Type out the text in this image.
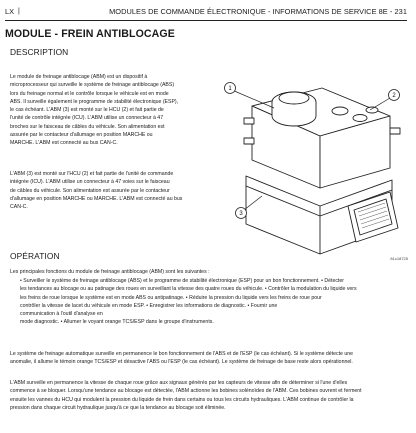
LX |	MODULES DE COMMANDE ÉLECTRONIQUE - INFORMATIONS DE SERVICE 8E - 231
MODULE - FREIN ANTIBLOCAGE
DESCRIPTION
Le module de freinage antiblocage (ABM) est un dispositif à
microprocesseur qui surveille le système de freinage antiblocage (ABS)
lors du freinage normal et le contrôle lorsque le véhicule est en mode
ABS. Il surveille également le programme de stabilité électronique (ESP),
le cas échéant. L'ABM (3) est monté sur le HCU (2) et fait partie de
l'unité de contrôle intégrée (ICU). L'ABM utilise un connecteur à 47
broches sur le faisceau de câbles du véhicule. Son alimentation est
assurée par le contacteur d'allumage en position MARCHE ou
MARCHE. L'ABM est connecté au bus CAN-C.
L'ABM (3) est monté sur l'HCU (2) et fait partie de l'unité de commande
intégrée (ICU). L'ABM utilise un connecteur à 47 voies sur le faisceau
de câbles du véhicule. Son alimentation est assurée par le contacteur
d'allumage en position MARCHE ou MARCHE. L'ABM est connecté au bus
CAN-C.
1
2
3
81c18725
OPÉRATION
Les principales fonctions du module de freinage antiblocage (ABM) sont les suivantes :
• Surveiller le système de freinage antiblocage (ABS) et le programme de stabilité électronique (ESP) pour un bon fonctionnement. • Détecter
les tendances au blocage ou au patinage des roues en surveillant la vitesse des quatre roues du véhicule. • Contrôler la modulation du liquide vers
les freins de roue lorsque le système est en mode ABS ou antipatinage. • Réduire la pression du liquide vers les freins de roue pour
contrôler la vitesse de lacet du véhicule en mode ESP. • Enregistrer les informations de diagnostic. • Fournir une
communication à l'outil d'analyse en
mode diagnostic. • Allumer le voyant orange TCS/ESP dans le groupe d'instruments.
Le système de freinage automatique surveille en permanence le bon fonctionnement de l'ABS et de l'ESP (le cas échéant). Si le système détecte une
anomalie, il allume le témoin orange TCS/ESP et désactive l'ABS ou l'ESP (le cas échéant). Le système de freinage de base reste alors opérationnel.
L'ABM surveille en permanence la vitesse de chaque roue grâce aux signaux générés par les capteurs de vitesse afin de déterminer si l'une d'elles
commence à se bloquer. Lorsqu'une tendance au blocage est détectée, l'ABM actionne les bobines solénoïdes de l'ABM. Ces bobines ouvrent et ferment
ensuite les vannes du HCU qui modulent la pression du liquide de frein dans certains ou tous les circuits hydrauliques. L'ABM continue de contrôler la
pression dans chaque circuit hydraulique jusqu'à ce que la tendance au blocage soit éliminée.
